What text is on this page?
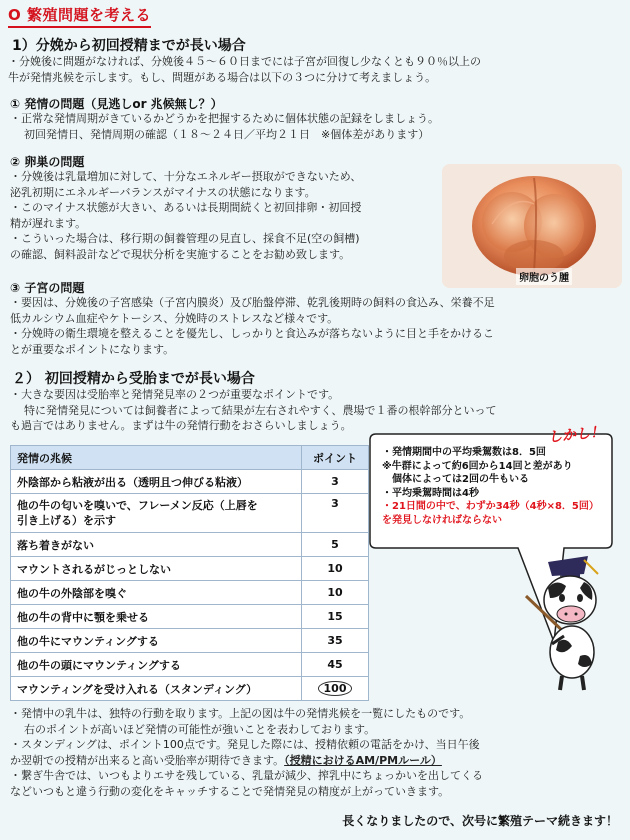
O 繁殖問題を考える
1）分娩から初回授精までが長い場合

・分娩後に問題がなければ、分娩後４５～６０日までには子宮が回復し少なくとも９０％以上の

牛が発情兆候を示します。もし、問題がある場合は以下の３つに分けて考えましょう。

① 発情の問題（見逃しor 兆候無し？）

・正常な発情周期がきているかどうかを把握するために個体状態の記録をしましょう。

初回発情日、発情周期の確認（１８～２４日／平均２１日　※個体差があります）

② 卵巣の問題

・分娩後は乳量増加に対して、十分なエネルギー摂取ができないため、

泌乳初期にエネルギーバランスがマイナスの状態になります。

・このマイナス状態が大きい、あるいは長期間続くと初回排卵・初回授

精が遅れます。

・こういった場合は、移行期の飼養管理の見直し、採食不足(空の飼槽)

の確認、飼料設計などで現状分析を実施することをお勧め致します。

卵胞のう腫
③ 子宮の問題

・要因は、分娩後の子宮感染（子宮内膜炎）及び胎盤停滞、乾乳後期時の飼料の食込み、栄養不足

低カルシウム血症やケトーシス、分娩時のストレスなど様々です。

・分娩時の衛生環境を整えることを優先し、しっかりと食込みが落ちないように目と手をかけるこ

とが重要なポイントになります。

２） 初回授精から受胎までが長い場合

・大きな要因は受胎率と発情発見率の２つが重要なポイントです。

特に発情発見については飼養者によって結果が左右されやすく、農場で１番の根幹部分といって

も過言ではありません。まずは牛の発情行動をおさらいしましょう。

発情の兆候	ポイント
外陰部から粘液が出る（透明且つ伸びる粘液）	3
他の牛の匂いを嗅いで、フレーメン反応（上唇を
引き上げる）を示す	3
落ち着きがない	5
マウントされるがじっとしない	10
他の牛の外陰部を嗅ぐ	10
他の牛の背中に顎を乗せる	15
他の牛にマウンティングする	35
他の牛の頭にマウンティングする	45
マウンティングを受け入れる（スタンディング）	100
しかし！
・発情期間中の平均乗駕数は8．5回
※牛群によって約6回から14回と差があり
　個体によっては2回の牛もいる
・平均乗駕時間は4秒
・21日間の中で、わずか34秒（4秒×8．5回）
を発見しなければならない

・発情中の乳牛は、独特の行動を取ります。上記の図は牛の発情兆候を一覧にしたものです。

右のポイントが高いほど発情の可能性が強いことを表わしております。

・スタンディングは、ポイント100点です。発見した際には、授精依頼の電話をかけ、当日午後

か翌朝での授精が出来ると高い受胎率が期待できます。（授精におけるAM/PMルール）

・繋ぎ牛舎では、いつもよりエサを残している、乳量が減少、搾乳中にちょっかいを出してくる

などいつもと違う行動の変化をキャッチすることで発情発見の精度が上がっていきます。

長くなりましたので、次号に繁殖テーマ続きます！
